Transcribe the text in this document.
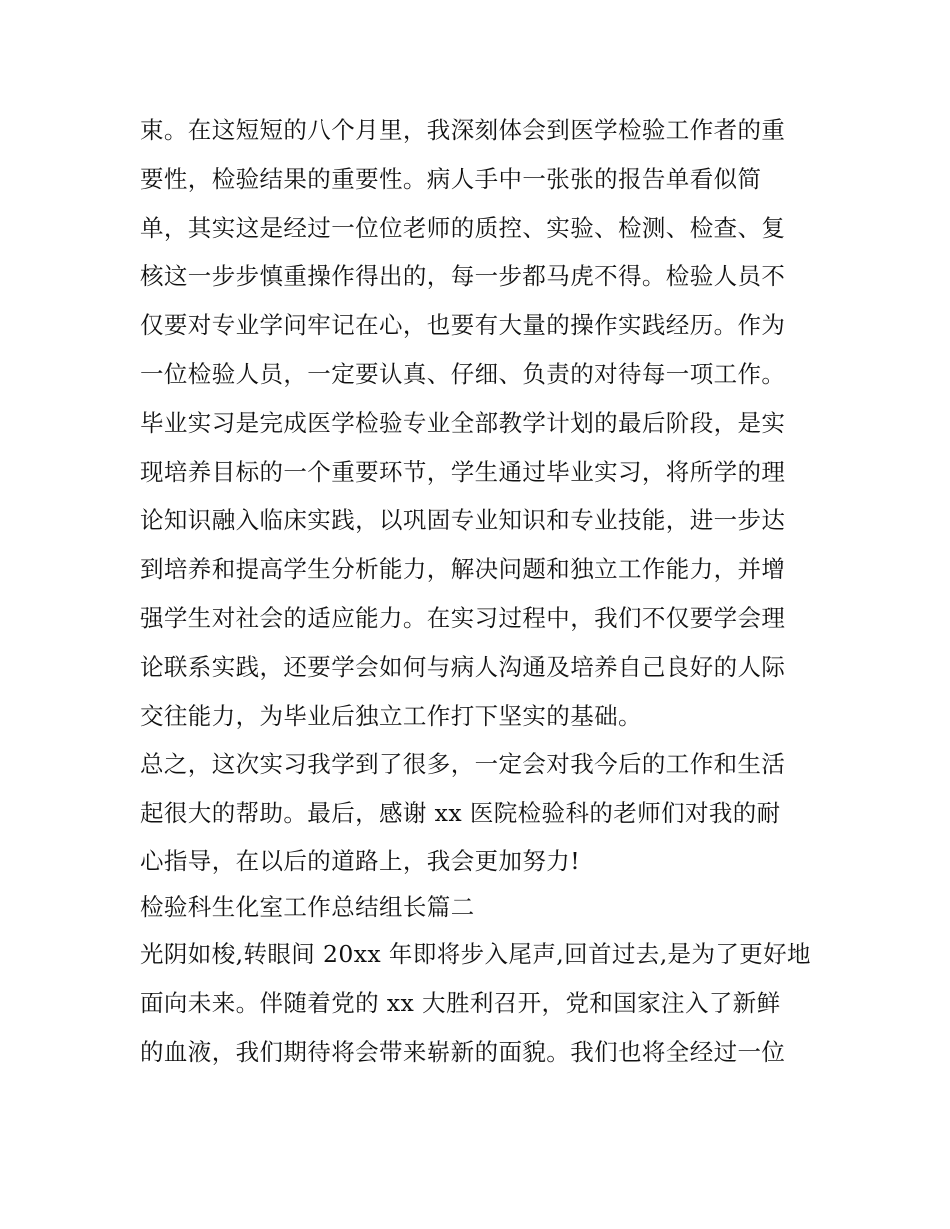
束。在这短短的八个月里，我深刻体会到医学检验工作者的重
要性，检验结果的重要性。病人手中一张张的报告单看似简
单，其实这是经过一位位老师的质控、实验、检测、检查、复
核这一步步慎重操作得出的，每一步都马虎不得。检验人员不
仅要对专业学问牢记在心，也要有大量的操作实践经历。作为
一位检验人员，一定要认真、仔细、负责的对待每一项工作。
毕业实习是完成医学检验专业全部教学计划的最后阶段，是实
现培养目标的一个重要环节，学生通过毕业实习，将所学的理
论知识融入临床实践，以巩固专业知识和专业技能，进一步达
到培养和提高学生分析能力，解决问题和独立工作能力，并增
强学生对社会的适应能力。在实习过程中，我们不仅要学会理
论联系实践，还要学会如何与病人沟通及培养自己良好的人际
交往能力，为毕业后独立工作打下坚实的基础。
总之，这次实习我学到了很多，一定会对我今后的工作和生活
起很大的帮助。最后，感谢 xx 医院检验科的老师们对我的耐
心指导，在以后的道路上，我会更加努力!
检验科生化室工作总结组长篇二
光阴如梭,转眼间 20xx 年即将步入尾声,回首过去,是为了更好地
面向未来。伴随着党的 xx 大胜利召开，党和国家注入了新鲜
的血液，我们期待将会带来崭新的面貌。我们也将全经过一位
